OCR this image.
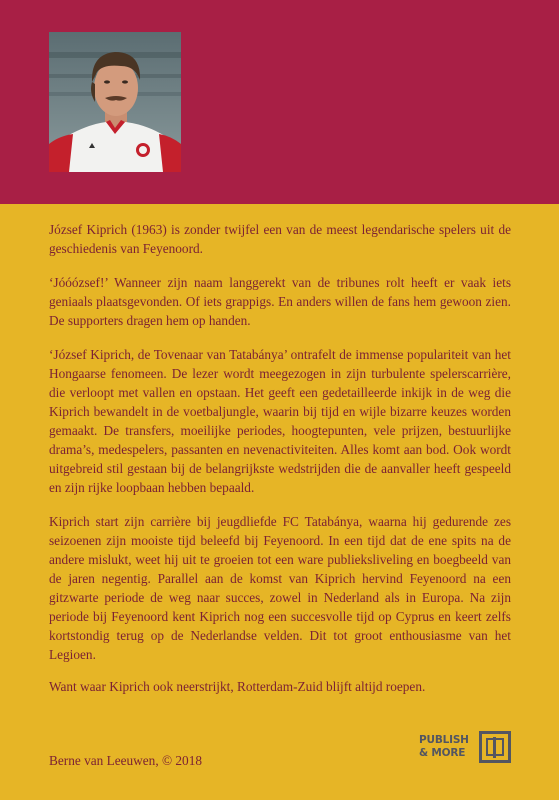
József Kiprich (1963) is zonder twijfel een van de meest legendarische spelers uit de geschiedenis van Feyenoord.

‘Jóóózsef!’ Wanneer zijn naam langgerekt van de tribunes rolt heeft er vaak iets geniaals plaatsgevonden. Of iets grappigs. En anders willen de fans hem gewoon zien. De supporters dragen hem op handen.

‘József Kiprich, de Tovenaar van Tatabánya’ ontrafelt de immense populariteit van het Hongaarse fenomeen. De lezer wordt meegezogen in zijn turbulente spelerscarrière, die verloopt met vallen en opstaan. Het geeft een gedetailleerde inkijk in de weg die Kiprich bewandelt in de voetbaljungle, waarin bij tijd en wijle bizarre keuzes worden gemaakt. De transfers, moeilijke periodes, hoogtepunten, vele prijzen, bestuurlijke drama’s, medespelers, passanten en nevenactiviteiten. Alles komt aan bod. Ook wordt uitgebreid stil gestaan bij de belangrijkste wedstrijden die de aanvaller heeft gespeeld en zijn rijke loopbaan hebben bepaald.

Kiprich start zijn carrière bij jeugdliefde FC Tatabánya, waarna hij gedurende zes seizoenen zijn mooiste tijd beleefd bij Feyenoord. In een tijd dat de ene spits na de andere mislukt, weet hij uit te groeien tot een ware publieksliveling en boegbeeld van de jaren negentig. Parallel aan de komst van Kiprich hervind Feyenoord na een gitzwarte periode de weg naar succes, zowel in Nederland als in Europa. Na zijn periode bij Feyenoord kent Kiprich nog een succesvolle tijd op Cyprus en keert zelfs kortstondig terug op de Nederlandse velden. Dit tot groot enthousiasme van het Legioen.

Want waar Kiprich ook neerstrijkt, Rotterdam-Zuid blijft altijd roepen.

Berne van Leeuwen, © 2018
PUBLISH
& MORE
